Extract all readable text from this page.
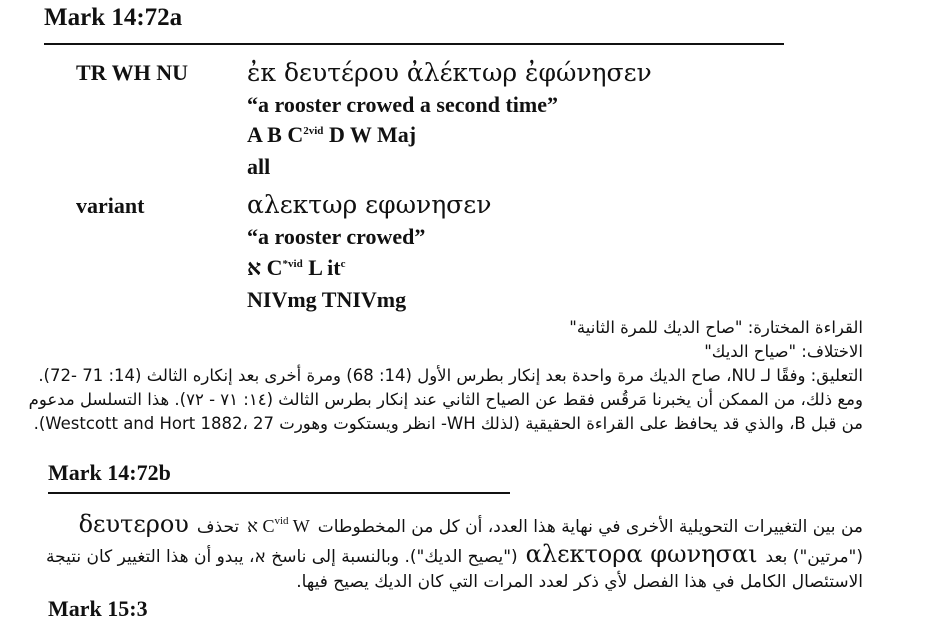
Mark 14:72a
TR WH NU ἐκ δευτέρου ἀλέκτωρ ἐφώνησεν
“a rooster crowed a second time”
A B $C^{2vid}$ D W Maj
all
variant	αλεκτωρ εφωνησεν
“a rooster crowed”
א $C^{*vid}$ L $it^c$
NIVmg TNIVmg
القراءة المختارة: "صاح الديك للمرة الثانية"
الاختلاف: "صياح الديك"
التعليق: وفقًا لـ NU، صاح الديك مرة واحدة بعد إنكار بطرس الأول (14: 68) ومرة أخرى بعد إنكاره الثالث (14: 71 -72).
ومع ذلك، من الممكن أن يخبرنا مَرقُس فقط عن الصياح الثاني عند إنكار بطرس الثالث (١٤: ٧١ - ٧٢). هذا التسلسل مدعوم
من قبل B، والذي قد يحافظ على القراءة الحقيقية (لذلك WH- انظر ويستكوت وهورت Westcott and Hort 1882، 27).
Mark 14:72b
من بين التغييرات التحويلية الأخرى في نهاية هذا العدد، أن كل من المخطوطات
א $C^{vid}$ W
تحذف
δευτερου
("مرتين") بعد
αλεκτορα φωνησαι
("يصيح الديك"). وبالنسبة إلى ناسخ א، يبدو أن هذا التغيير كان نتيجة
الاستئصال الكامل في هذا الفصل لأي ذكر لعدد المرات التي كان الديك يصيح فيها.
Mark 15:3
